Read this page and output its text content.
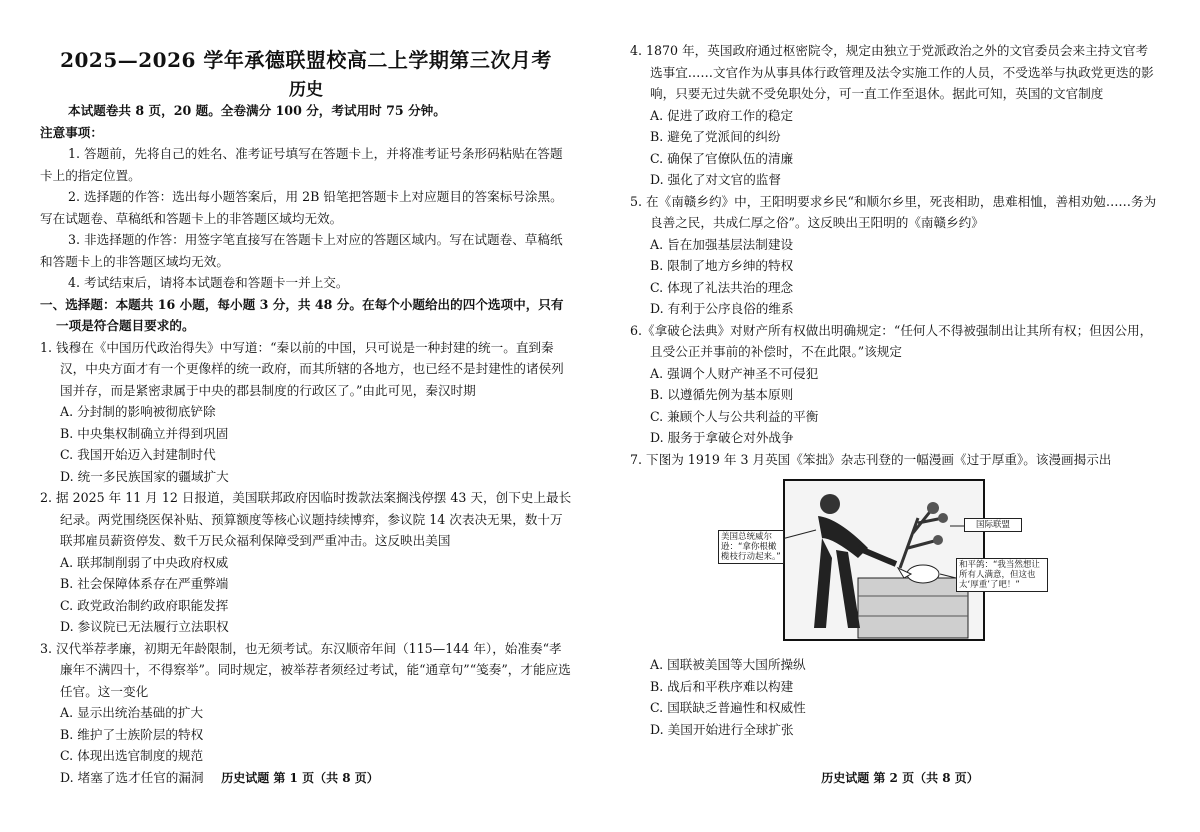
2025—2026 学年承德联盟校高二上学期第三次月考
历史

本试题卷共 8 页，20 题。全卷满分 100 分，考试用时 75 分钟。

注意事项：

1. 答题前，先将自己的姓名、准考证号填写在答题卡上，并将准考证号条形码粘贴在答题卡上的指定位置。

2. 选择题的作答：选出每小题答案后，用 2B 铅笔把答题卡上对应题目的答案标号涂黑。写在试题卷、草稿纸和答题卡上的非答题区域均无效。

3. 非选择题的作答：用签字笔直接写在答题卡上对应的答题区域内。写在试题卷、草稿纸和答题卡上的非答题区域均无效。

4. 考试结束后，请将本试题卷和答题卡一并上交。

一、选择题：本题共 16 小题，每小题 3 分，共 48 分。在每个小题给出的四个选项中，只有一项是符合题目要求的。

1. 钱穆在《中国历代政治得失》中写道：“秦以前的中国，只可说是一种封建的统一。直到秦汉，中央方面才有一个更像样的统一政府，而其所辖的各地方，也已经不是封建性的诸侯列国并存，而是紧密隶属于中央的郡县制度的行政区了。”由此可见，秦汉时期

A. 分封制的影响被彻底铲除

B. 中央集权制确立并得到巩固

C. 我国开始迈入封建制时代

D. 统一多民族国家的疆域扩大

2. 据 2025 年 11 月 12 日报道，美国联邦政府因临时拨款法案搁浅停摆 43 天，创下史上最长纪录。两党围绕医保补贴、预算额度等核心议题持续博弈，参议院 14 次表决无果，数十万联邦雇员薪资停发、数千万民众福利保障受到严重冲击。这反映出美国

A. 联邦制削弱了中央政府权威

B. 社会保障体系存在严重弊端

C. 政党政治制约政府职能发挥

D. 参议院已无法履行立法职权

3. 汉代举荐孝廉，初期无年龄限制，也无须考试。东汉顺帝年间（115—144 年），始准奏“孝廉年不满四十，不得察举”。同时规定，被举荐者须经过考试，能“通章句”“笺奏”，才能应选任官。这一变化

A. 显示出统治基础的扩大

B. 维护了士族阶层的特权

C. 体现出选官制度的规范

D. 堵塞了选才任官的漏洞	历史试题 第 1 页（共 8 页）

4. 1870 年，英国政府通过枢密院令，规定由独立于党派政治之外的文官委员会来主持文官考选事宜……文官作为从事具体行政管理及法令实施工作的人员，不受选举与执政党更迭的影响，只要无过失就不受免职处分，可一直工作至退休。据此可知，英国的文官制度

A. 促进了政府工作的稳定

B. 避免了党派间的纠纷

C. 确保了官僚队伍的清廉

D. 强化了对文官的监督

5. 在《南赣乡约》中，王阳明要求乡民“和顺尔乡里，死丧相助，患难相恤，善相劝勉……务为良善之民，共成仁厚之俗”。这反映出王阳明的《南赣乡约》

A. 旨在加强基层法制建设

B. 限制了地方乡绅的特权

C. 体现了礼法共治的理念

D. 有利于公序良俗的维系

6.《拿破仑法典》对财产所有权做出明确规定：“任何人不得被强制出让其所有权；但因公用，且受公正并事前的补偿时，不在此限。”该规定

A. 强调个人财产神圣不可侵犯

B. 以遵循先例为基本原则

C. 兼顾个人与公共利益的平衡

D. 服务于拿破仑对外战争

7. 下图为 1919 年 3 月英国《笨拙》杂志刊登的一幅漫画《过于厚重》。该漫画揭示出

美国总统威尔逊：“拿你根橄榄枝行动起来。”
国际联盟
和平鸽：“我当然想让所有人满意，但这也太‘厚重’了吧！”

A. 国联被美国等大国所操纵

B. 战后和平秩序难以构建

C. 国联缺乏普遍性和权威性

D. 美国开始进行全球扩张

历史试题 第 2 页（共 8 页）
